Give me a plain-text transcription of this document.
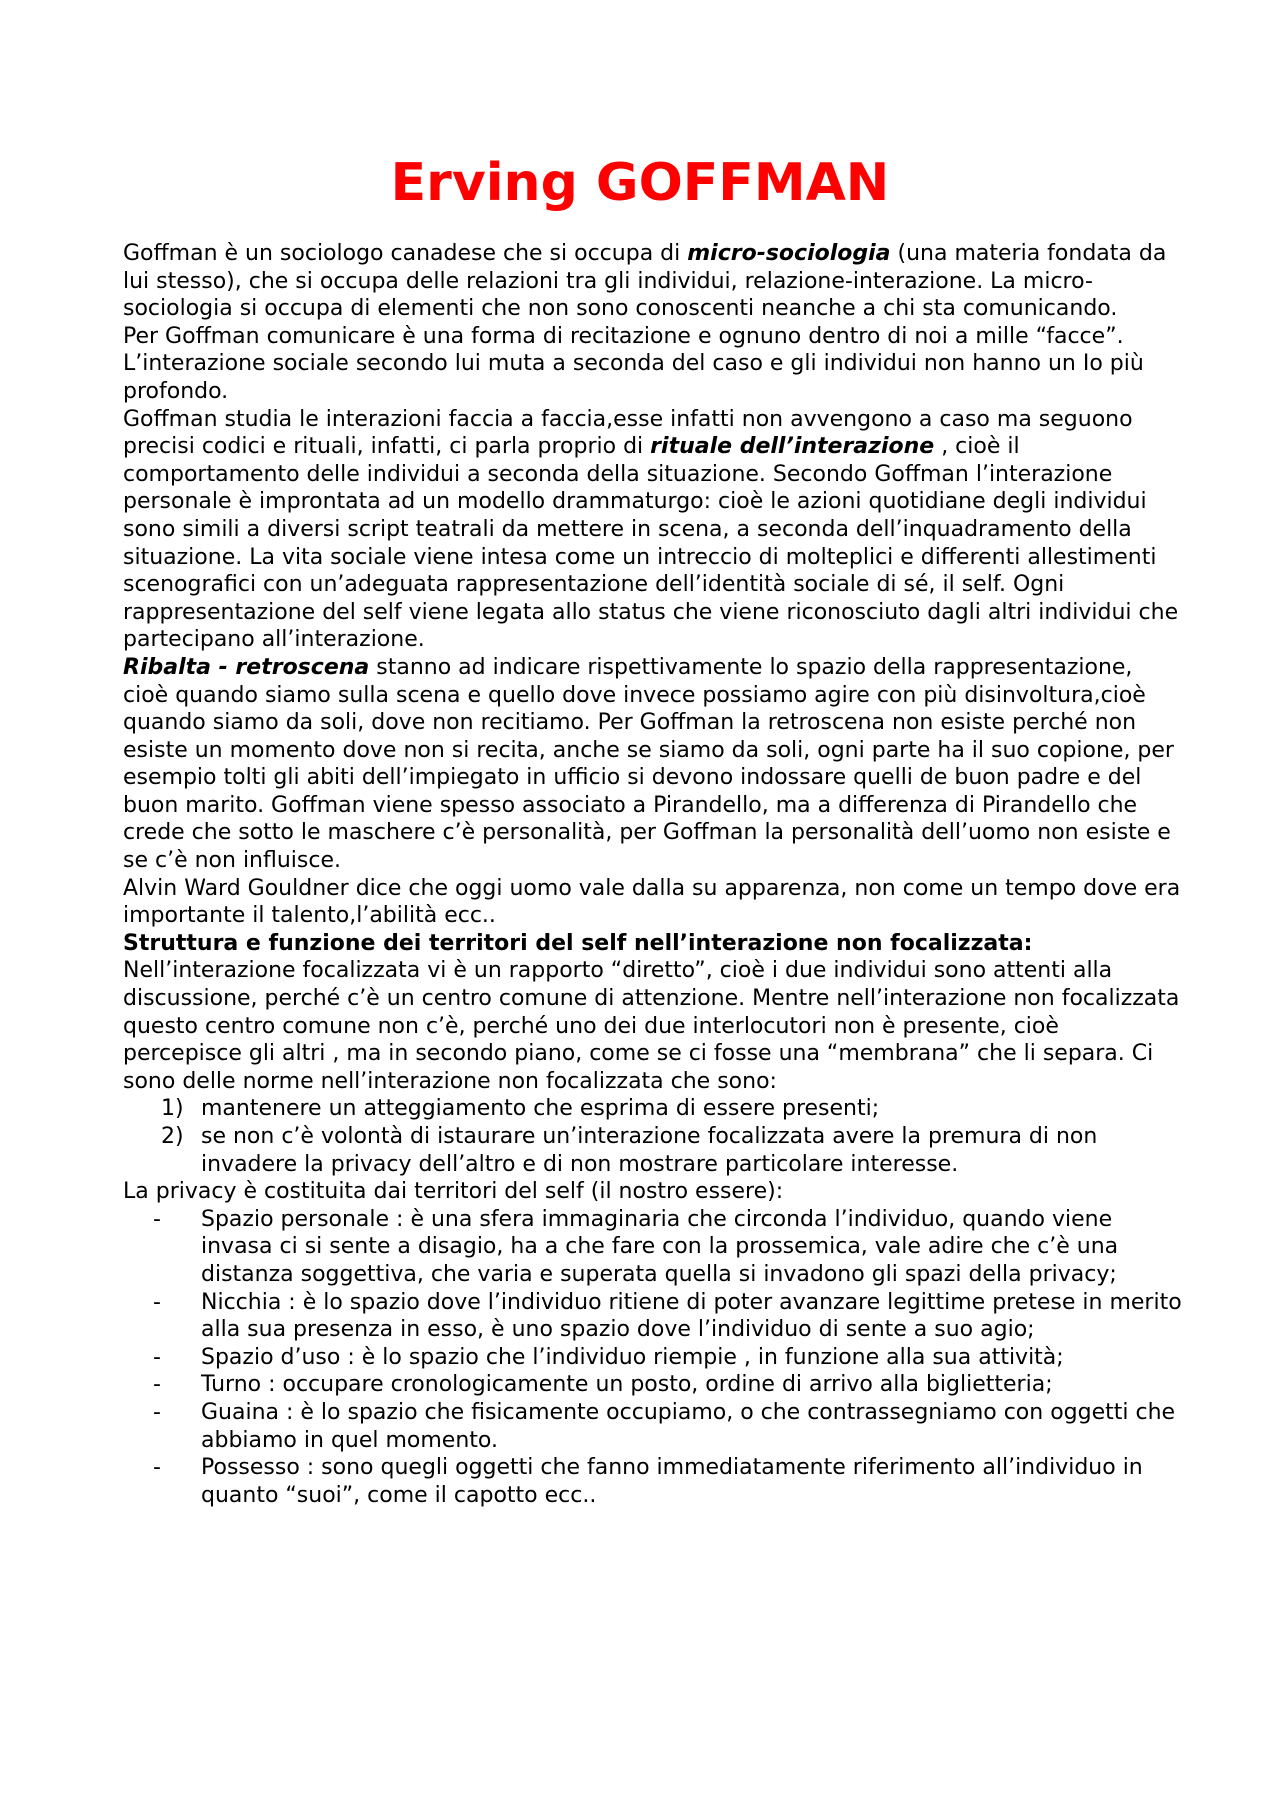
Erving GOFFMAN

Goffman è un sociologo canadese che si occupa di micro-sociologia (una materia fondata da lui stesso), che si occupa delle relazioni tra gli individui, relazione-interazione. La micro-sociologia si occupa di elementi che non sono conoscenti neanche a chi sta comunicando.

Per Goffman comunicare è una forma di recitazione e ognuno dentro di noi a mille “facce”. L’interazione sociale secondo lui muta a seconda del caso e gli individui non hanno un Io più profondo.

Goffman studia le interazioni faccia a faccia,esse infatti non avvengono a caso ma seguono precisi codici e rituali, infatti, ci parla proprio di rituale dell’interazione , cioè il comportamento delle individui a seconda della situazione. Secondo Goffman l’interazione personale è improntata ad un modello drammaturgo: cioè le azioni quotidiane degli individui sono simili a diversi script teatrali da mettere in scena, a seconda dell’inquadramento della situazione. La vita sociale viene intesa come un intreccio di molteplici e differenti allestimenti scenografici con un’adeguata rappresentazione dell’identità sociale di sé, il self. Ogni rappresentazione del self viene legata allo status che viene riconosciuto dagli altri individui che partecipano all’interazione.

Ribalta - retroscena stanno ad indicare rispettivamente lo spazio della rappresentazione, cioè quando siamo sulla scena e quello dove invece possiamo agire con più disinvoltura,cioè quando siamo da soli, dove non recitiamo. Per Goffman la retroscena non esiste perché non esiste un momento dove non si recita, anche se siamo da soli, ogni parte ha il suo copione, per esempio tolti gli abiti dell’impiegato in ufficio si devono indossare quelli de buon padre e del buon marito. Goffman viene spesso associato a Pirandello, ma a differenza di Pirandello che crede che sotto le maschere c’è personalità, per Goffman la personalità dell’uomo non esiste e se c’è non influisce.

Alvin Ward Gouldner dice che oggi uomo vale dalla su apparenza, non come un tempo dove era importante il talento,l’abilità ecc..

Struttura e funzione dei territori del self nell’interazione non focalizzata:

Nell’interazione focalizzata vi è un rapporto “diretto”, cioè i due individui sono attenti alla discussione, perché c’è un centro comune di attenzione. Mentre nell’interazione non focalizzata questo centro comune non c’è, perché uno dei due interlocutori non è presente, cioè percepisce gli altri , ma in secondo piano, come se ci fosse una “membrana” che li separa. Ci sono delle norme nell’interazione non focalizzata che sono:

1) mantenere un atteggiamento che esprima di essere presenti;
2) se non c’è volontà di istaurare un’interazione focalizzata avere la premura di non invadere la privacy dell’altro e di non mostrare particolare interesse.

La privacy è costituita dai territori del self (il nostro essere):

- Spazio personale : è una sfera immaginaria che circonda l’individuo, quando viene invasa ci si sente a disagio, ha a che fare con la prossemica, vale adire che c’è una distanza soggettiva, che varia e superata quella si invadono gli spazi della privacy;
- Nicchia : è lo spazio dove l’individuo ritiene di poter avanzare legittime pretese in merito alla sua presenza in esso, è uno spazio dove l’individuo di sente a suo agio;
- Spazio d’uso : è lo spazio che l’individuo riempie , in funzione alla sua attività;
- Turno : occupare cronologicamente un posto, ordine di arrivo alla biglietteria;
- Guaina : è lo spazio che fisicamente occupiamo, o che contrassegniamo con oggetti che abbiamo in quel momento.
- Possesso : sono quegli oggetti che fanno immediatamente riferimento all’individuo in quanto “suoi”, come il capotto ecc..
